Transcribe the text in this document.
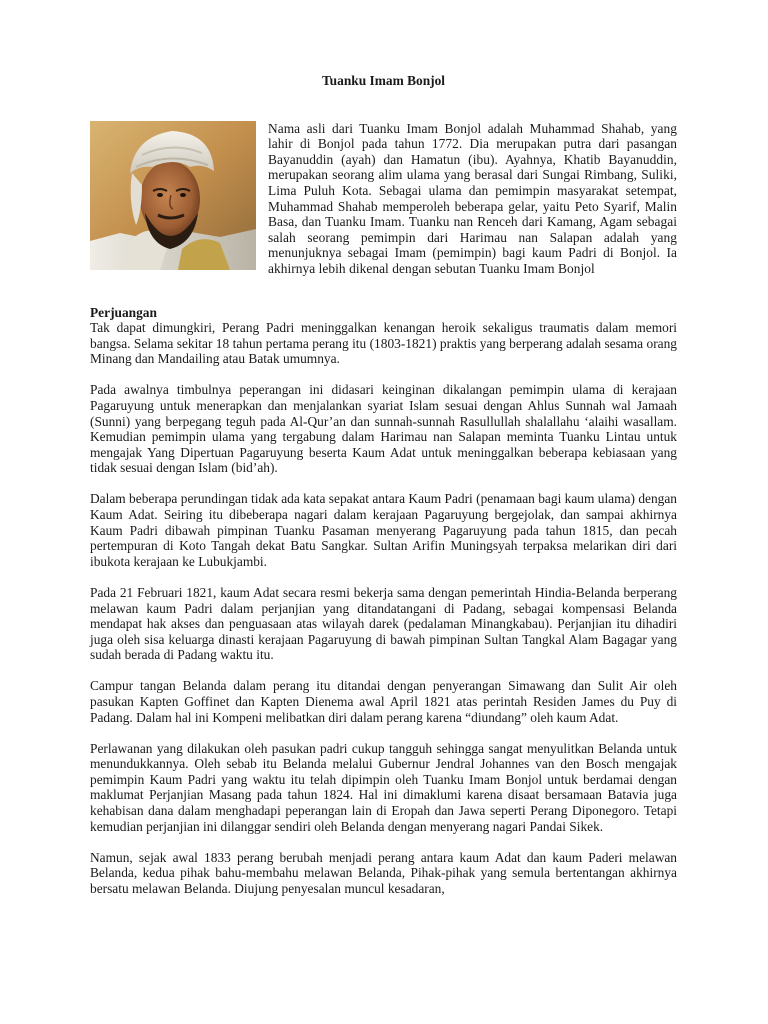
Tuanku Imam Bonjol

Nama asli dari Tuanku Imam Bonjol adalah Muhammad Shahab, yang lahir di Bonjol pada tahun 1772. Dia merupakan putra dari pasangan Bayanuddin (ayah) dan Hamatun (ibu). Ayahnya, Khatib Bayanuddin, merupakan seorang alim ulama yang berasal dari Sungai Rimbang, Suliki, Lima Puluh Kota. Sebagai ulama dan pemimpin masyarakat setempat, Muhammad Shahab memperoleh beberapa gelar, yaitu Peto Syarif, Malin Basa, dan Tuanku Imam. Tuanku nan Renceh dari Kamang, Agam sebagai salah seorang pemimpin dari Harimau nan Salapan adalah yang menunjuknya sebagai Imam (pemimpin) bagi kaum Padri di Bonjol. Ia akhirnya lebih dikenal dengan sebutan Tuanku Imam Bonjol

Perjuangan

Tak dapat dimungkiri, Perang Padri meninggalkan kenangan heroik sekaligus traumatis dalam memori bangsa. Selama sekitar 18 tahun pertama perang itu (1803-1821) praktis yang berperang adalah sesama orang Minang dan Mandailing atau Batak umumnya.

Pada awalnya timbulnya peperangan ini didasari keinginan dikalangan pemimpin ulama di kerajaan Pagaruyung untuk menerapkan dan menjalankan syariat Islam sesuai dengan Ahlus Sunnah wal Jamaah (Sunni) yang berpegang teguh pada Al-Qur’an dan sunnah-sunnah Rasullullah shalallahu ‘alaihi wasallam. Kemudian pemimpin ulama yang tergabung dalam Harimau nan Salapan meminta Tuanku Lintau untuk mengajak Yang Dipertuan Pagaruyung beserta Kaum Adat untuk meninggalkan beberapa kebiasaan yang tidak sesuai dengan Islam (bid’ah).

Dalam beberapa perundingan tidak ada kata sepakat antara Kaum Padri (penamaan bagi kaum ulama) dengan Kaum Adat. Seiring itu dibeberapa nagari dalam kerajaan Pagaruyung bergejolak, dan sampai akhirnya Kaum Padri dibawah pimpinan Tuanku Pasaman menyerang Pagaruyung pada tahun 1815, dan pecah pertempuran di Koto Tangah dekat Batu Sangkar. Sultan Arifin Muningsyah terpaksa melarikan diri dari ibukota kerajaan ke Lubukjambi.

Pada 21 Februari 1821, kaum Adat secara resmi bekerja sama dengan pemerintah Hindia-Belanda berperang melawan kaum Padri dalam perjanjian yang ditandatangani di Padang, sebagai kompensasi Belanda mendapat hak akses dan penguasaan atas wilayah darek (pedalaman Minangkabau). Perjanjian itu dihadiri juga oleh sisa keluarga dinasti kerajaan Pagaruyung di bawah pimpinan Sultan Tangkal Alam Bagagar yang sudah berada di Padang waktu itu.

Campur tangan Belanda dalam perang itu ditandai dengan penyerangan Simawang dan Sulit Air oleh pasukan Kapten Goffinet dan Kapten Dienema awal April 1821 atas perintah Residen James du Puy di Padang. Dalam hal ini Kompeni melibatkan diri dalam perang karena “diundang” oleh kaum Adat.

Perlawanan yang dilakukan oleh pasukan padri cukup tangguh sehingga sangat menyulitkan Belanda untuk menundukkannya. Oleh sebab itu Belanda melalui Gubernur Jendral Johannes van den Bosch mengajak pemimpin Kaum Padri yang waktu itu telah dipimpin oleh Tuanku Imam Bonjol untuk berdamai dengan maklumat Perjanjian Masang pada tahun 1824. Hal ini dimaklumi karena disaat bersamaan Batavia juga kehabisan dana dalam menghadapi peperangan lain di Eropah dan Jawa seperti Perang Diponegoro. Tetapi kemudian perjanjian ini dilanggar sendiri oleh Belanda dengan menyerang nagari Pandai Sikek.

Namun, sejak awal 1833 perang berubah menjadi perang antara kaum Adat dan kaum Paderi melawan Belanda, kedua pihak bahu-membahu melawan Belanda, Pihak-pihak yang semula bertentangan akhirnya bersatu melawan Belanda. Diujung penyesalan muncul kesadaran,
